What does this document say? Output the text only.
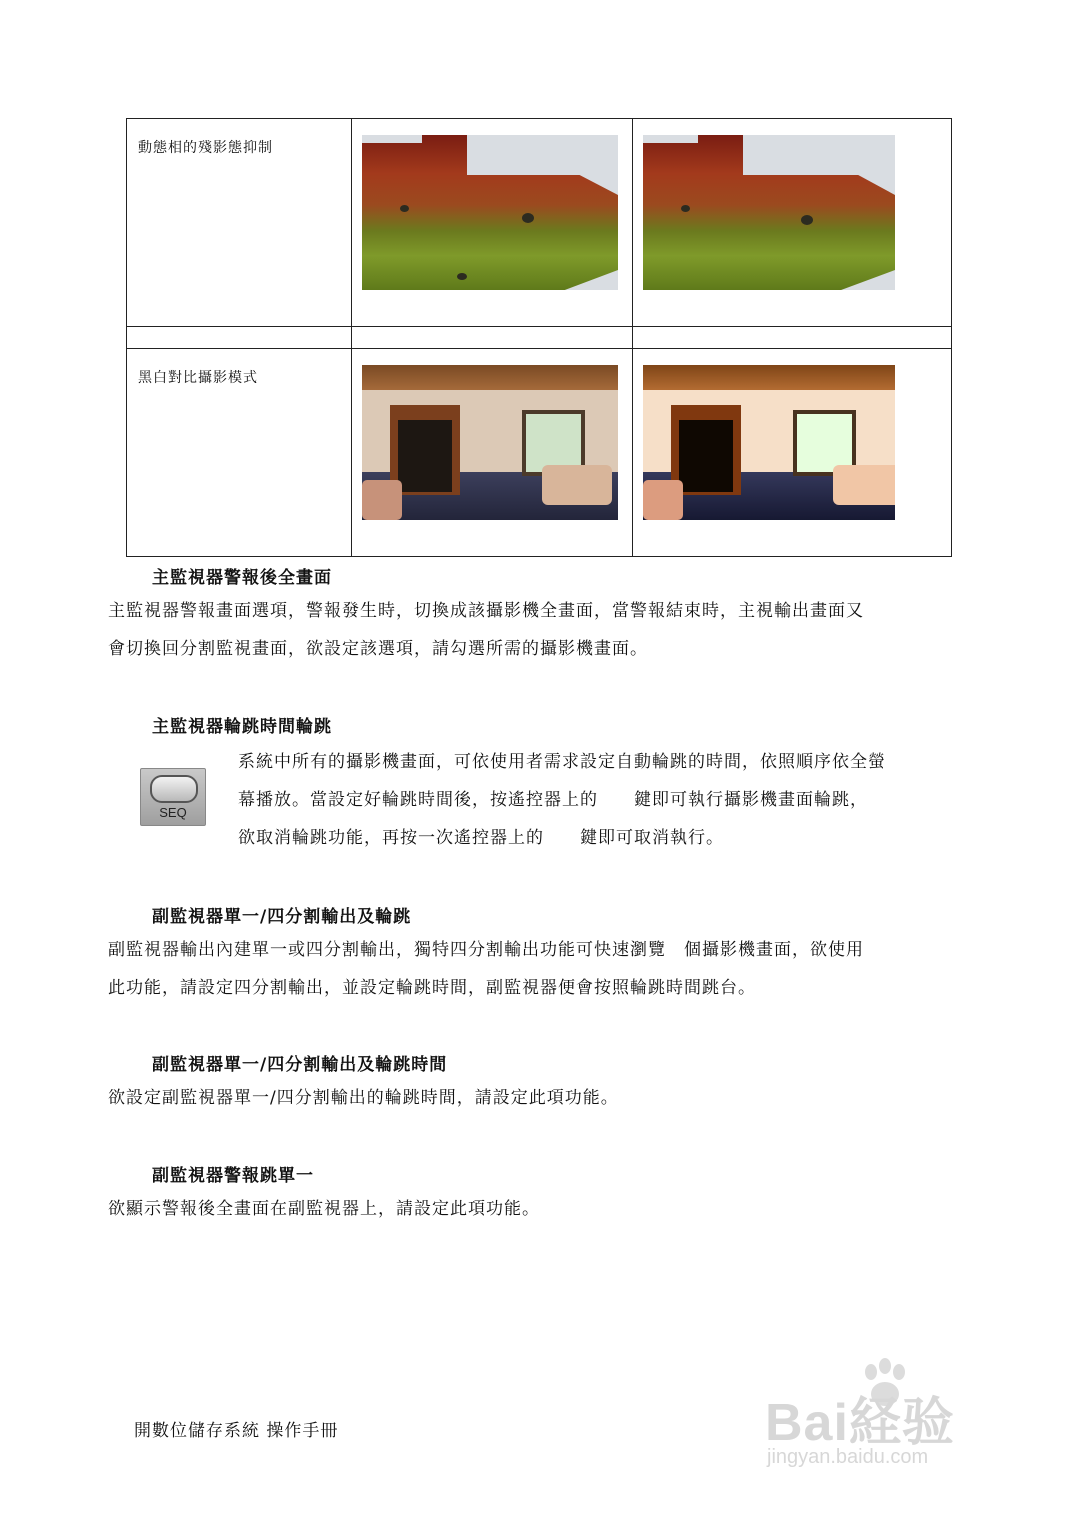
動態相的殘影態抑制	

黑白對比攝影模式	

主監視器警報後全畫面
主監視器警報畫面選項，警報發生時，切換成該攝影機全畫面，當警報結束時，主視輸出畫面又
會切換回分割監視畫面，欲設定該選項，請勾選所需的攝影機畫面。
主監視器輪跳時間輪跳
SEQ
系統中所有的攝影機畫面，可依使用者需求設定自動輪跳的時間，依照順序依全螢
幕播放。當設定好輪跳時間後，按遙控器上的　　鍵即可執行攝影機畫面輪跳，
欲取消輪跳功能，再按一次遙控器上的　　鍵即可取消執行。
副監視器單一/四分割輸出及輪跳
副監視器輸出內建單一或四分割輸出，獨特四分割輸出功能可快速瀏覽　個攝影機畫面，欲使用
此功能，請設定四分割輸出，並設定輪跳時間，副監視器便會按照輪跳時間跳台。
副監視器單一/四分割輸出及輪跳時間
欲設定副監視器單一/四分割輸出的輪跳時間，請設定此項功能。
副監視器警報跳單一
欲顯示警報後全畫面在副監視器上，請設定此項功能。
開數位儲存系統 操作手冊	Bai経验
jingyan.baidu.com
